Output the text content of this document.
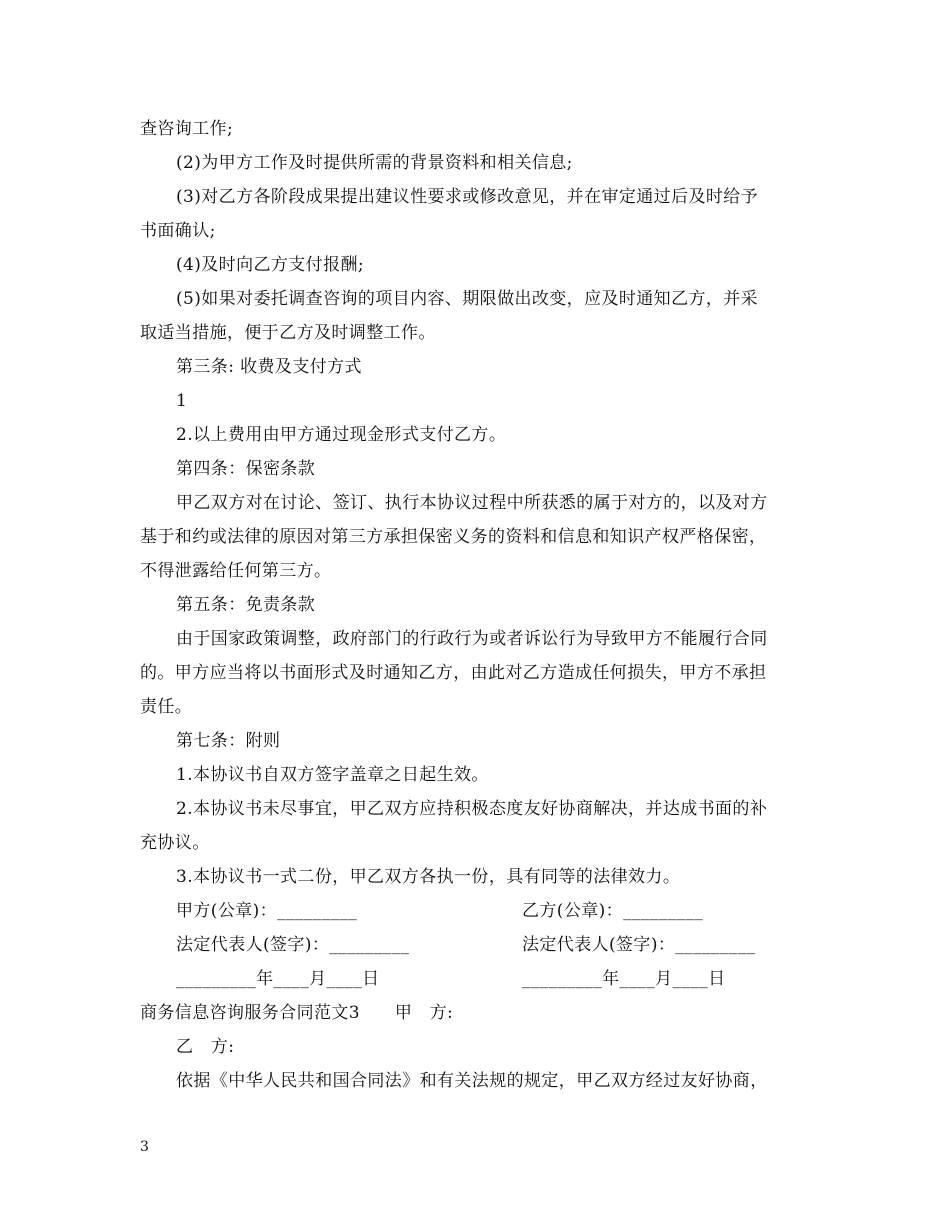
查咨询工作;
(2)为甲方工作及时提供所需的背景资料和相关信息;
(3)对乙方各阶段成果提出建议性要求或修改意见，并在审定通过后及时给予
书面确认;
(4)及时向乙方支付报酬;
(5)如果对委托调查咨询的项目内容、期限做出改变，应及时通知乙方，并采
取适当措施，便于乙方及时调整工作。
第三条: 收费及支付方式
1
2.以上费用由甲方通过现金形式支付乙方。
第四条：保密条款
甲乙双方对在讨论、签订、执行本协议过程中所获悉的属于对方的，以及对方
基于和约或法律的原因对第三方承担保密义务的资料和信息和知识产权严格保密，
不得泄露给任何第三方。
第五条：免责条款
由于国家政策调整，政府部门的行政行为或者诉讼行为导致甲方不能履行合同
的。甲方应当将以书面形式及时通知乙方，由此对乙方造成任何损失，甲方不承担
责任。
第七条：附则
1.本协议书自双方签字盖章之日起生效。
2.本协议书未尽事宜，甲乙双方应持积极态度友好协商解决，并达成书面的补
充协议。
3.本协议书一式二份，甲乙双方各执一份，具有同等的法律效力。
甲方(公章)：_________	乙方(公章)：_________
法定代表人(签字)：_________	法定代表人(签字)：_________
_________年____月____日	_________年____月____日
商务信息咨询服务合同范文3　　甲　方:
乙　方:
依据《中华人民共和国合同法》和有关法规的规定，甲乙双方经过友好协商，
3
